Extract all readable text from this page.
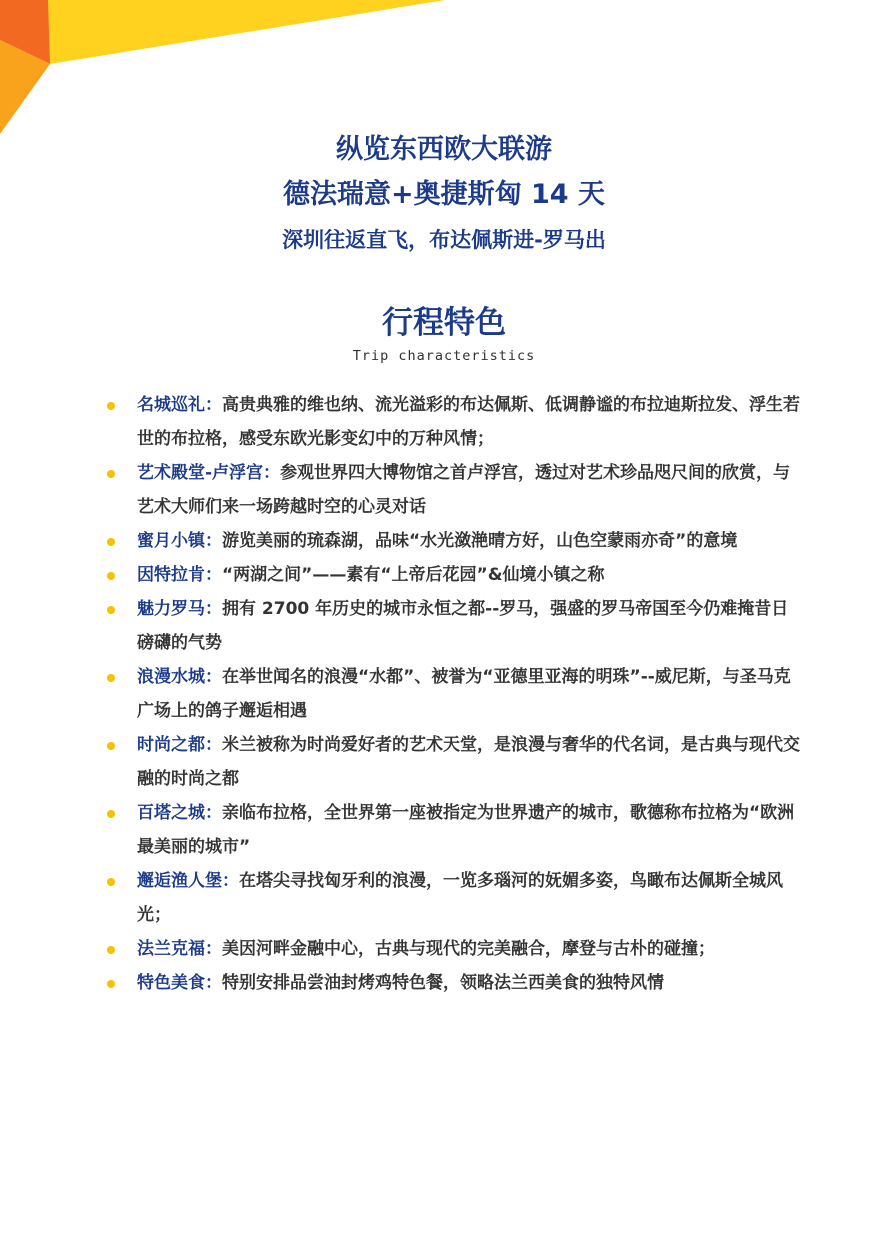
纵览东西欧大联游
德法瑞意+奥捷斯匈 14 天
深圳往返直飞，布达佩斯进-罗马出
行程特色
Trip characteristics
名城巡礼：高贵典雅的维也纳、流光溢彩的布达佩斯、低调静谧的布拉迪斯拉发、浮生若世的布拉格，感受东欧光影变幻中的万种风情；
艺术殿堂-卢浮宫：参观世界四大博物馆之首卢浮宫，透过对艺术珍品咫尺间的欣赏，与艺术大师们来一场跨越时空的心灵对话
蜜月小镇：游览美丽的琉森湖，品味“水光潋滟晴方好，山色空蒙雨亦奇”的意境
因特拉肯：“两湖之间”——素有“上帝后花园”&仙境小镇之称
魅力罗马：拥有 2700 年历史的城市永恒之都--罗马，强盛的罗马帝国至今仍难掩昔日磅礴的气势
浪漫水城：在举世闻名的浪漫“水都”、被誉为“亚德里亚海的明珠”--威尼斯，与圣马克广场上的鸽子邂逅相遇
时尚之都：米兰被称为时尚爱好者的艺术天堂，是浪漫与奢华的代名词，是古典与现代交融的时尚之都
百塔之城：亲临布拉格，全世界第一座被指定为世界遗产的城市，歌德称布拉格为“欧洲最美丽的城市”
邂逅渔人堡：在塔尖寻找匈牙利的浪漫，一览多瑙河的妩媚多姿，鸟瞰布达佩斯全城风光；
法兰克福：美因河畔金融中心，古典与现代的完美融合，摩登与古朴的碰撞；
特色美食：特别安排品尝油封烤鸡特色餐，领略法兰西美食的独特风情
